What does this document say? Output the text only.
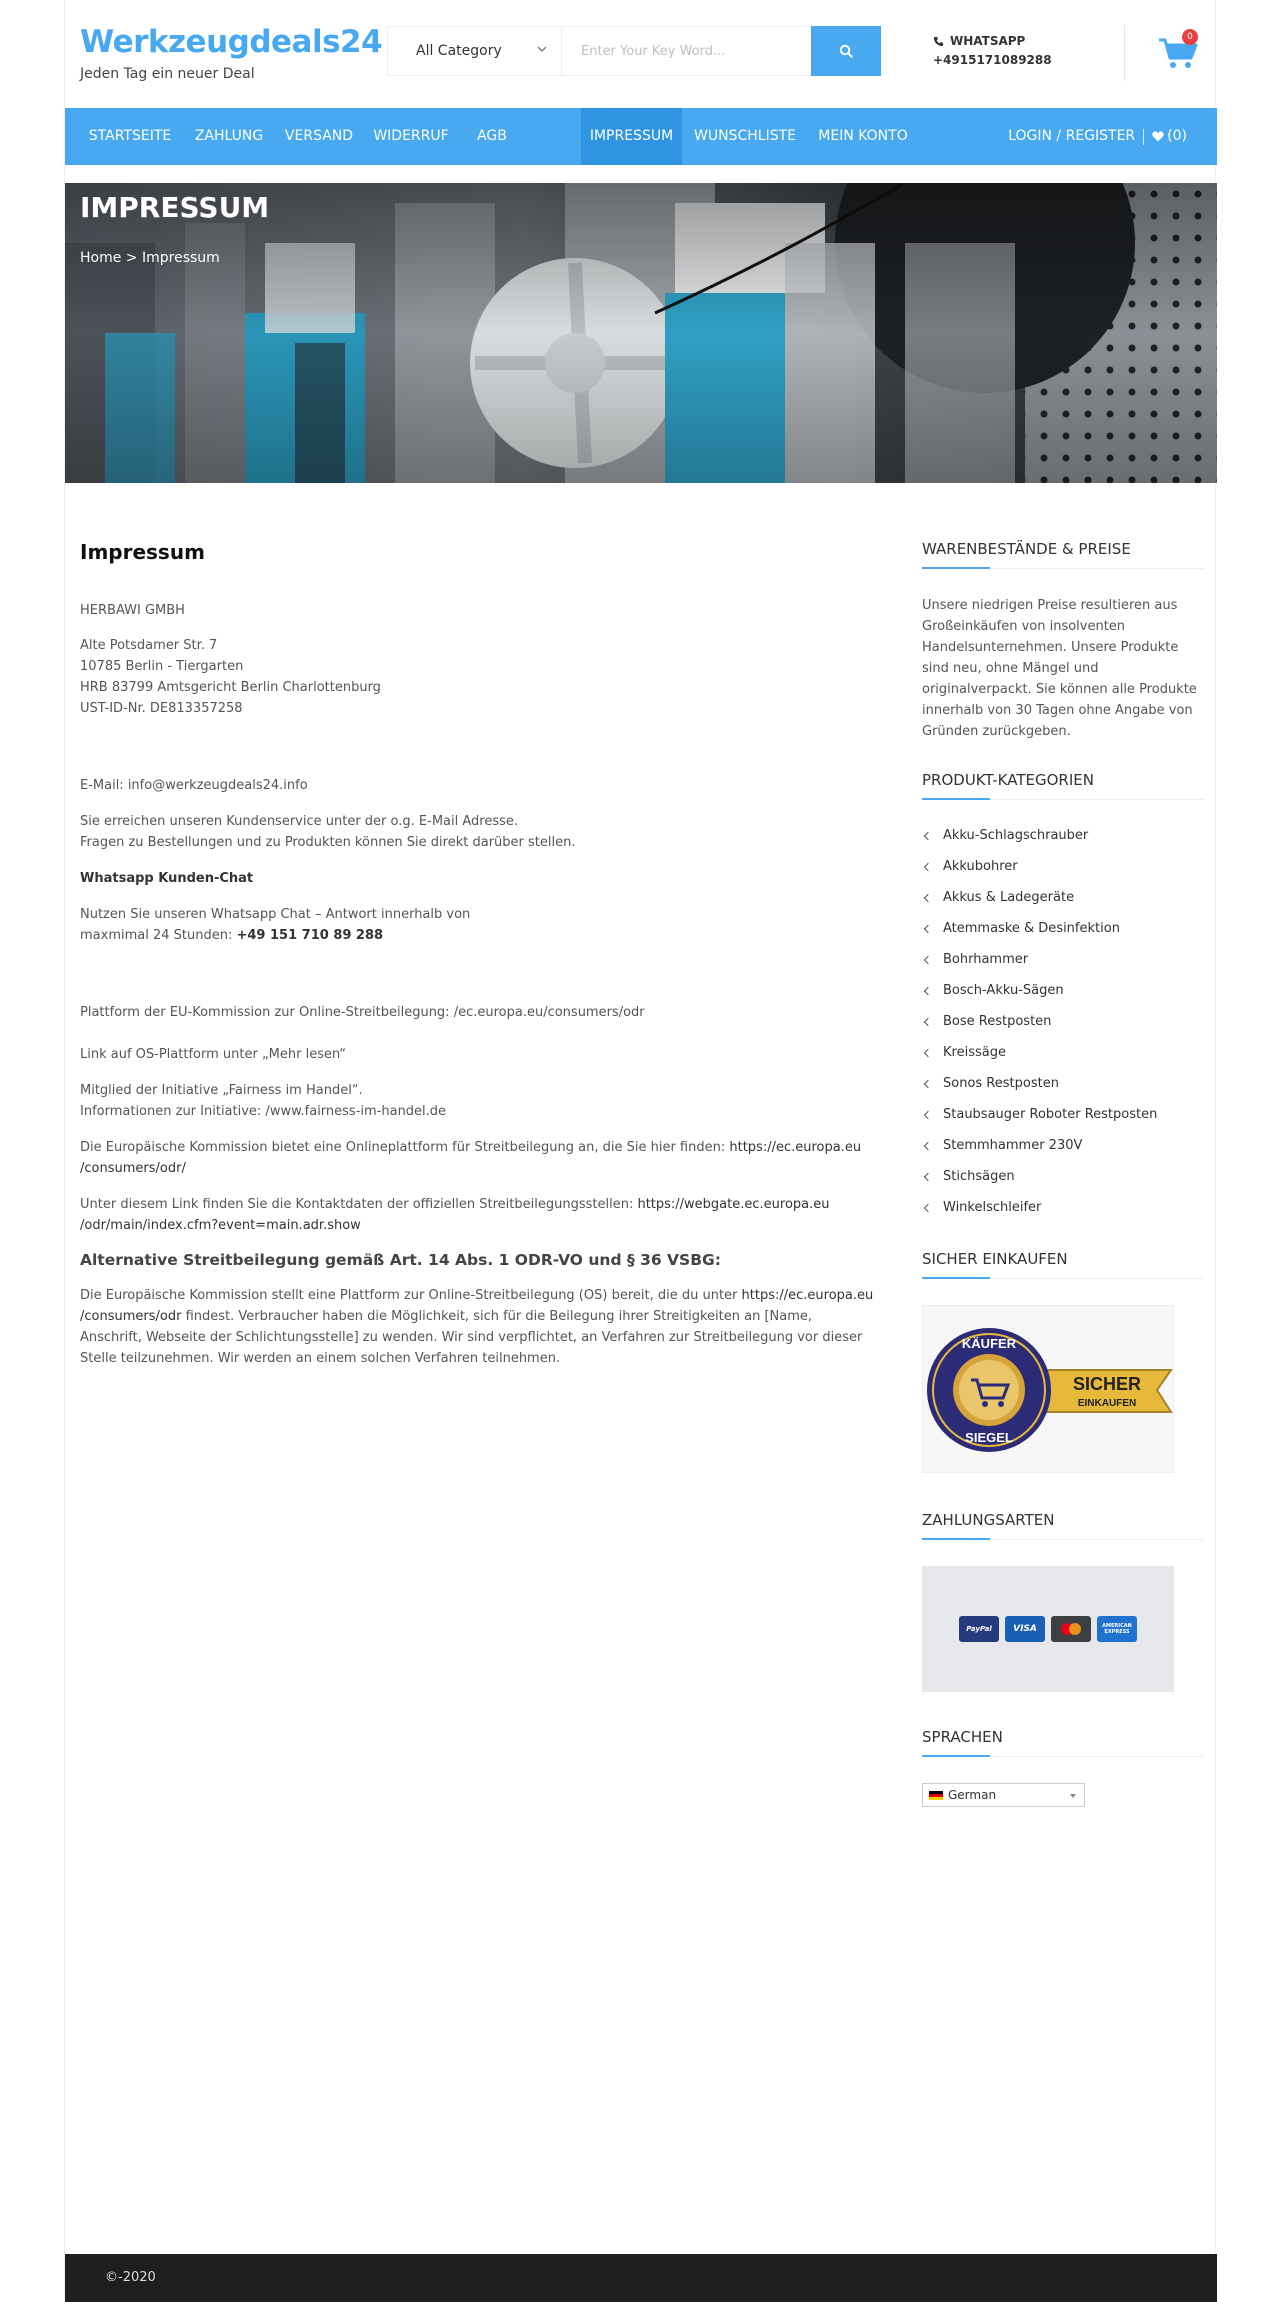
Werkzeugdeals24
Jeden Tag ein neuer Deal
All Category
Enter Your Key Word...
WHATSAPP
+4915171089288
0
STARTSEITE	ZAHLUNG	VERSAND	WIDERRUF	AGB	IMPRESSUM	WUNSCHLISTE	MEIN KONTO	LOGIN / REGISTER (0)
IMPRESSUM
Home > Impressum
Impressum

HERBAWI GMBH

Alte Potsdamer Str. 7

10785 Berlin - Tiergarten

HRB 83799 Amtsgericht Berlin Charlottenburg

UST-ID-Nr. DE813357258

E-Mail: info@werkzeugdeals24.info

Sie erreichen unseren Kundenservice unter der o.g. E-Mail Adresse.

Fragen zu Bestellungen und zu Produkten können Sie direkt darüber stellen.

Whatsapp Kunden-Chat

Nutzen Sie unseren Whatsapp Chat – Antwort innerhalb von

maxmimal 24 Stunden: +49 151 710 89 288

Plattform der EU-Kommission zur Online-Streitbeilegung: /ec.europa.eu/consumers/odr

Link auf OS-Plattform unter „Mehr lesen“

Mitglied der Initiative „Fairness im Handel“.

Informationen zur Initiative: /www.fairness-im-handel.de

Die Europäische Kommission bietet eine Onlineplattform für Streitbeilegung an, die Sie hier finden: https://ec.europa.eu

/consumers/odr/

Unter diesem Link finden Sie die Kontaktdaten der offiziellen Streitbeilegungsstellen: https://webgate.ec.europa.eu

/odr/main/index.cfm?event=main.adr.show

Alternative Streitbeilegung gemäß Art. 14 Abs. 1 ODR-VO und § 36 VSBG:

Die Europäische Kommission stellt eine Plattform zur Online-Streitbeilegung (OS) bereit, die du unter https://ec.europa.eu

/consumers/odr findest. Verbraucher haben die Möglichkeit, sich für die Beilegung ihrer Streitigkeiten an [Name,

Anschrift, Webseite der Schlichtungsstelle] zu wenden. Wir sind verpflichtet, an Verfahren zur Streitbeilegung vor dieser

Stelle teilzunehmen. Wir werden an einem solchen Verfahren teilnehmen.

WARENBESTÄNDE & PREISE
Unsere niedrigen Preise resultieren aus
Großeinkäufen von insolventen
Handelsunternehmen. Unsere Produkte
sind neu, ohne Mängel und
originalverpackt. Sie können alle Produkte
innerhalb von 30 Tagen ohne Angabe von
Gründen zurückgeben.
PRODUKT-KATEGORIEN
Akku-Schlagschrauber
Akkubohrer
Akkus & Ladegeräte
Atemmaske & Desinfektion
Bohrhammer
Bosch-Akku-Sägen
Bose Restposten
Kreissäge
Sonos Restposten
Staubsauger Roboter Restposten
Stemmhammer 230V
Stichsägen
Winkelschleifer
SICHER EINKAUFEN
SICHER
EINKAUFEN
KÄUFER
SIEGEL
ZAHLUNGSARTEN
PayPal	VISA	AMERICAN EXPRESS
SPRACHEN
German
©-2020
